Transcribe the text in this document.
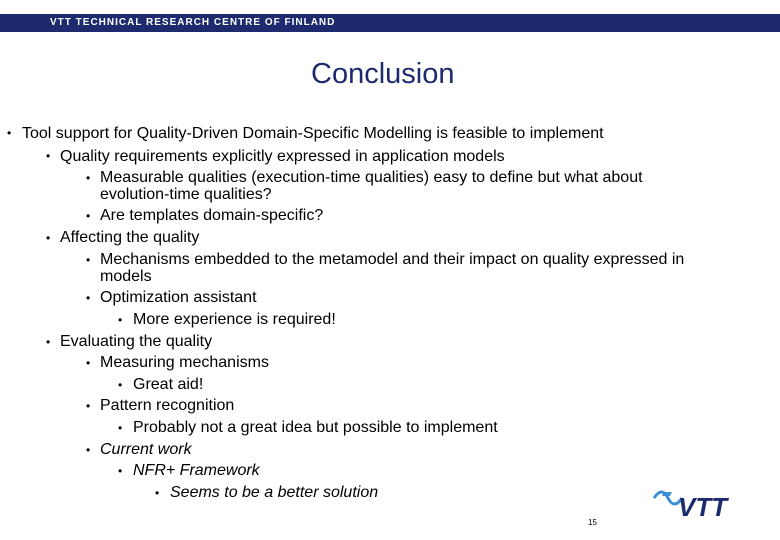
VTT TECHNICAL RESEARCH CENTRE OF FINLAND
Conclusion
• Tool support for Quality-Driven Domain-Specific Modelling is feasible to implement
• Quality requirements explicitly expressed in application models
• Measurable qualities (execution-time qualities) easy to define but what about
evolution-time qualities?
• Are templates domain-specific?
• Affecting the quality
• Mechanisms embedded to the metamodel and their impact on quality expressed in
models
• Optimization assistant
• More experience is required!
• Evaluating the quality
• Measuring mechanisms
• Great aid!
• Pattern recognition
• Probably not a great idea but possible to implement
• Current work
• NFR+ Framework
• Seems to be a better solution	VTT
15
